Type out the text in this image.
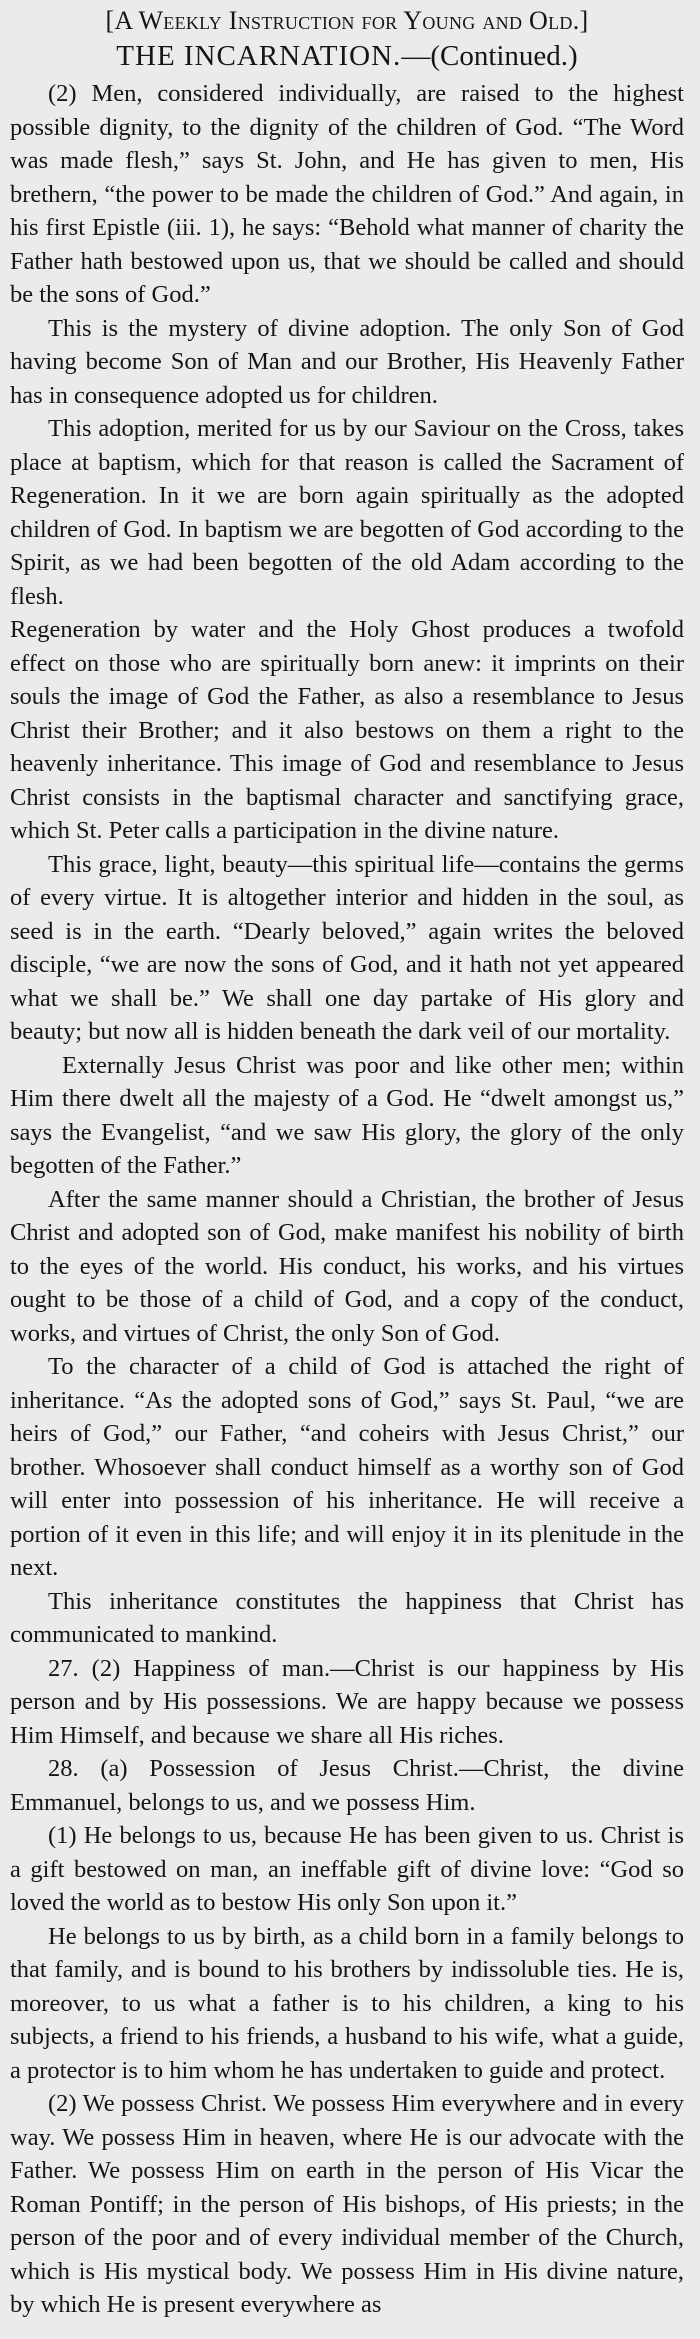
[A Weekly Instruction for Young and Old.]
THE INCARNATION.—(Continued.)

(2) Men, considered individually, are raised to the highest possible dignity, to the dignity of the children of God. “The Word was made flesh,” says St. John, and He has given to men, His brethern, “the power to be made the children of God.” And again, in his first Epistle (iii. 1), he says: “Behold what manner of charity the Father hath bestowed upon us, that we should be called and should be the sons of God.”

This is the mystery of divine adoption. The only Son of God having become Son of Man and our Brother, His Heavenly Father has in consequence adopted us for children.

This adoption, merited for us by our Saviour on the Cross, takes place at baptism, which for that reason is called the Sacrament of Regeneration. In it we are born again spiritually as the adopted children of God. In baptism we are begotten of God according to the Spirit, as we had been begotten of the old Adam according to the flesh.

Regeneration by water and the Holy Ghost produces a twofold effect on those who are spiritually born anew: it imprints on their souls the image of God the Father, as also a resemblance to Jesus Christ their Brother; and it also bestows on them a right to the heavenly inheritance. This image of God and resemblance to Jesus Christ consists in the baptismal character and sanctifying grace, which St. Peter calls a participation in the divine nature.

This grace, light, beauty—this spiritual life—contains the germs of every virtue. It is altogether interior and hidden in the soul, as seed is in the earth. “Dearly beloved,” again writes the beloved disciple, “we are now the sons of God, and it hath not yet appeared what we shall be.” We shall one day partake of His glory and beauty; but now all is hidden beneath the dark veil of our mortality.

Externally Jesus Christ was poor and like other men; within Him there dwelt all the majesty of a God. He “dwelt amongst us,” says the Evangelist, “and we saw His glory, the glory of the only begotten of the Father.”

After the same manner should a Christian, the brother of Jesus Christ and adopted son of God, make manifest his nobility of birth to the eyes of the world. His conduct, his works, and his virtues ought to be those of a child of God, and a copy of the conduct, works, and virtues of Christ, the only Son of God.

To the character of a child of God is attached the right of inheritance. “As the adopted sons of God,” says St. Paul, “we are heirs of God,” our Father, “and coheirs with Jesus Christ,” our brother. Whosoever shall conduct himself as a worthy son of God will enter into possession of his inheritance. He will receive a portion of it even in this life; and will enjoy it in its plenitude in the next.

This inheritance constitutes the happiness that Christ has communicated to mankind.

27. (2) Happiness of man.—Christ is our happiness by His person and by His possessions. We are happy because we possess Him Himself, and because we share all His riches.

28. (a) Possession of Jesus Christ.—Christ, the divine Emmanuel, belongs to us, and we possess Him.

(1) He belongs to us, because He has been given to us. Christ is a gift bestowed on man, an ineffable gift of divine love: “God so loved the world as to bestow His only Son upon it.”

He belongs to us by birth, as a child born in a family belongs to that family, and is bound to his brothers by indissoluble ties. He is, moreover, to us what a father is to his children, a king to his subjects, a friend to his friends, a husband to his wife, what a guide, a protector is to him whom he has undertaken to guide and protect.

(2) We possess Christ. We possess Him everywhere and in every way. We possess Him in heaven, where He is our advocate with the Father. We possess Him on earth in the person of His Vicar the Roman Pontiff; in the person of His bishops, of His priests; in the person of the poor and of every individual member of the Church, which is His mystical body. We possess Him in His divine nature, by which He is present everywhere as
